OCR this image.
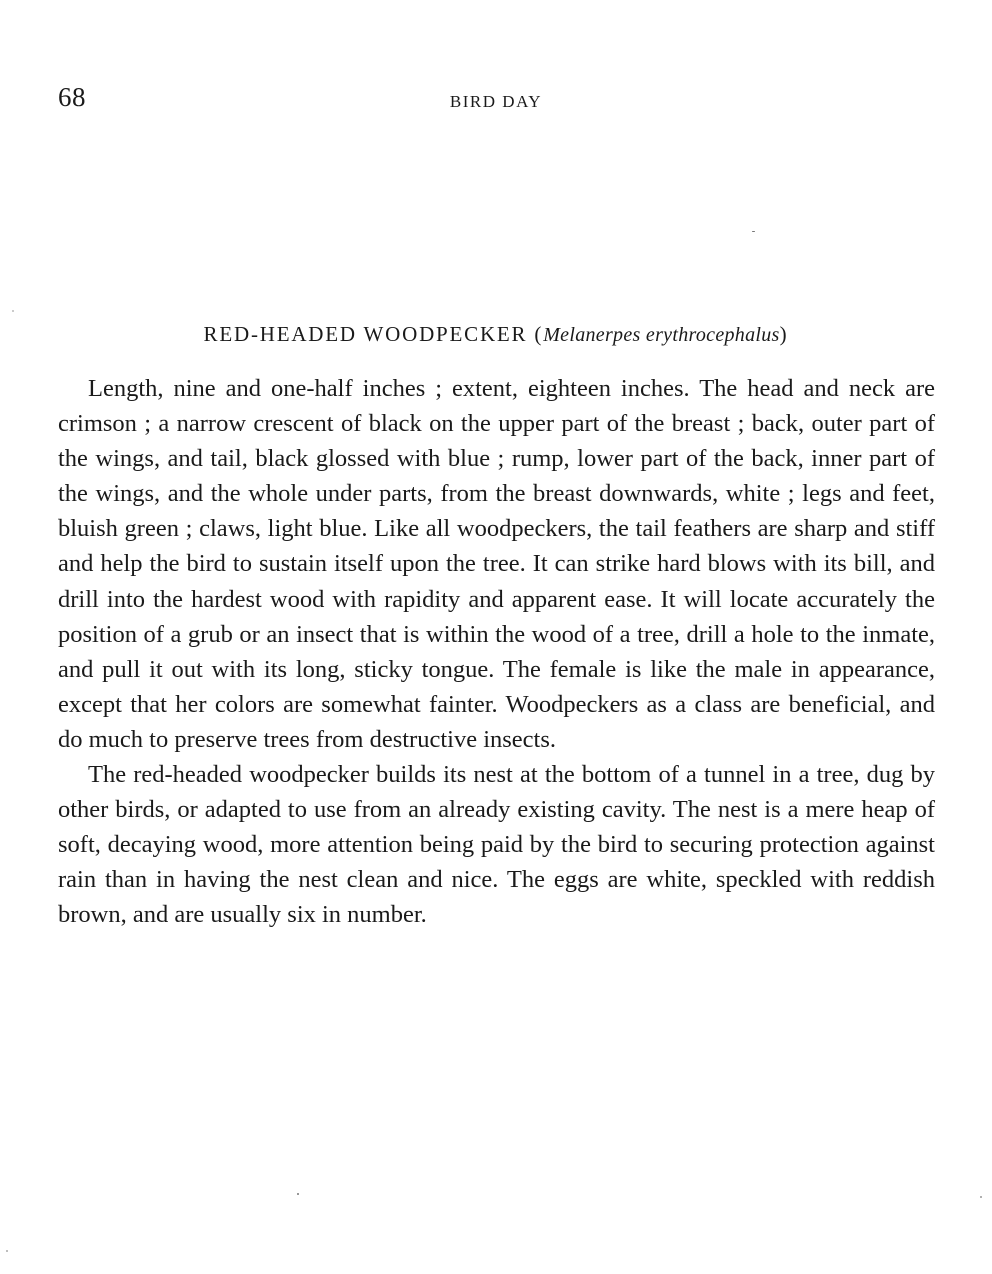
68	BIRD DAY
RED-HEADED WOODPECKER (Melanerpes erythrocephalus)

Length, nine and one-half inches ; extent, eighteen inches. The head and neck are crimson ; a narrow crescent of black on the upper part of the breast ; back, outer part of the wings, and tail, black glossed with blue ; rump, lower part of the back, inner part of the wings, and the whole under parts, from the breast downwards, white ; legs and feet, bluish green ; claws, light blue. Like all woodpeckers, the tail feathers are sharp and stiff and help the bird to sustain itself upon the tree. It can strike hard blows with its bill, and drill into the hardest wood with rapidity and apparent ease. It will locate accurately the position of a grub or an insect that is within the wood of a tree, drill a hole to the inmate, and pull it out with its long, sticky tongue. The female is like the male in appearance, except that her colors are somewhat fainter. Woodpeckers as a class are beneficial, and do much to preserve trees from destructive insects.

The red-headed woodpecker builds its nest at the bottom of a tunnel in a tree, dug by other birds, or adapted to use from an already existing cavity. The nest is a mere heap of soft, decaying wood, more attention being paid by the bird to securing protection against rain than in having the nest clean and nice. The eggs are white, speckled with reddish brown, and are usually six in number.
